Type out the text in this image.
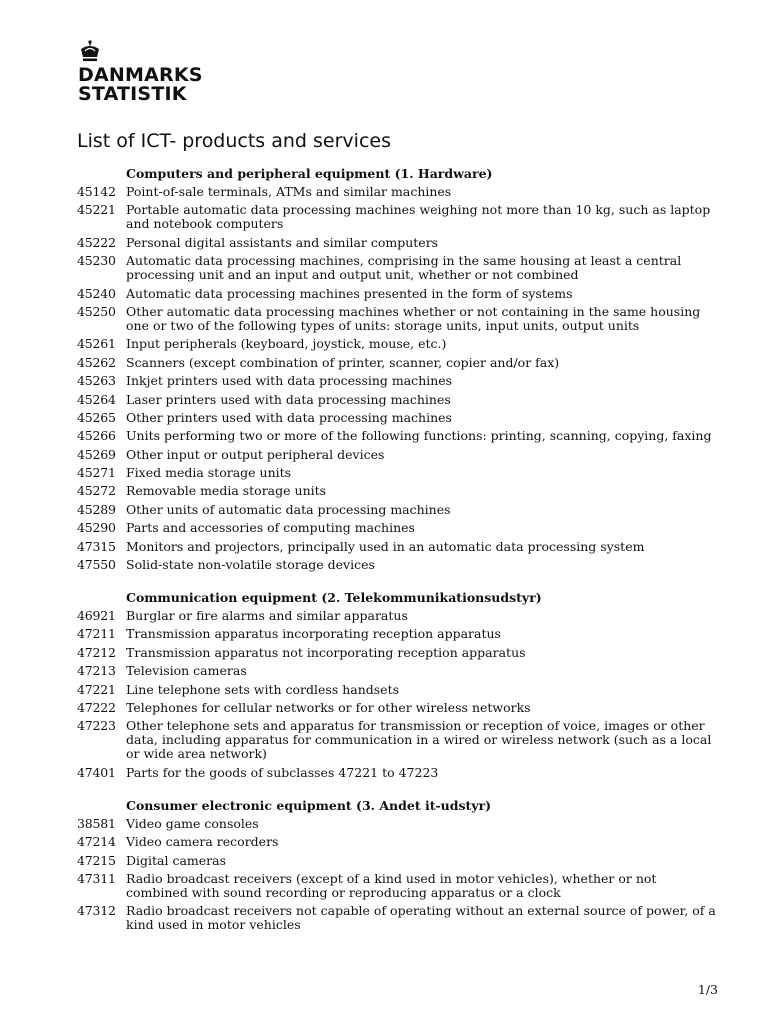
DANMARKS
STATISTIK
List of ICT- products and services
Computers and peripheral equipment (1. Hardware)
45142 Point-of-sale terminals, ATMs and similar machines
45221 Portable automatic data processing machines weighing not more than 10 kg, such as laptop and notebook computers
45222 Personal digital assistants and similar computers
45230 Automatic data processing machines, comprising in the same housing at least a central processing unit and an input and output unit, whether or not combined
45240 Automatic data processing machines presented in the form of systems
45250 Other automatic data processing machines whether or not containing in the same housing one or two of the following types of units: storage units, input units, output units
45261 Input peripherals (keyboard, joystick, mouse, etc.)
45262 Scanners (except combination of printer, scanner, copier and/or fax)
45263 Inkjet printers used with data processing machines
45264 Laser printers used with data processing machines
45265 Other printers used with data processing machines
45266 Units performing two or more of the following functions: printing, scanning, copying, faxing
45269 Other input or output peripheral devices
45271 Fixed media storage units
45272 Removable media storage units
45289 Other units of automatic data processing machines
45290 Parts and accessories of computing machines
47315 Monitors and projectors, principally used in an automatic data processing system
47550 Solid-state non-volatile storage devices
Communication equipment (2. Telekommunikationsudstyr)
46921 Burglar or fire alarms and similar apparatus
47211 Transmission apparatus incorporating reception apparatus
47212 Transmission apparatus not incorporating reception apparatus
47213 Television cameras
47221 Line telephone sets with cordless handsets
47222 Telephones for cellular networks or for other wireless networks
47223 Other telephone sets and apparatus for transmission or reception of voice, images or other data, including apparatus for communication in a wired or wireless network (such as a local or wide area network)
47401 Parts for the goods of subclasses 47221 to 47223
Consumer electronic equipment (3. Andet it-udstyr)
38581 Video game consoles
47214 Video camera recorders
47215 Digital cameras
47311 Radio broadcast receivers (except of a kind used in motor vehicles), whether or not combined with sound recording or reproducing apparatus or a clock
47312 Radio broadcast receivers not capable of operating without an external source of power, of a kind used in motor vehicles
1/3
